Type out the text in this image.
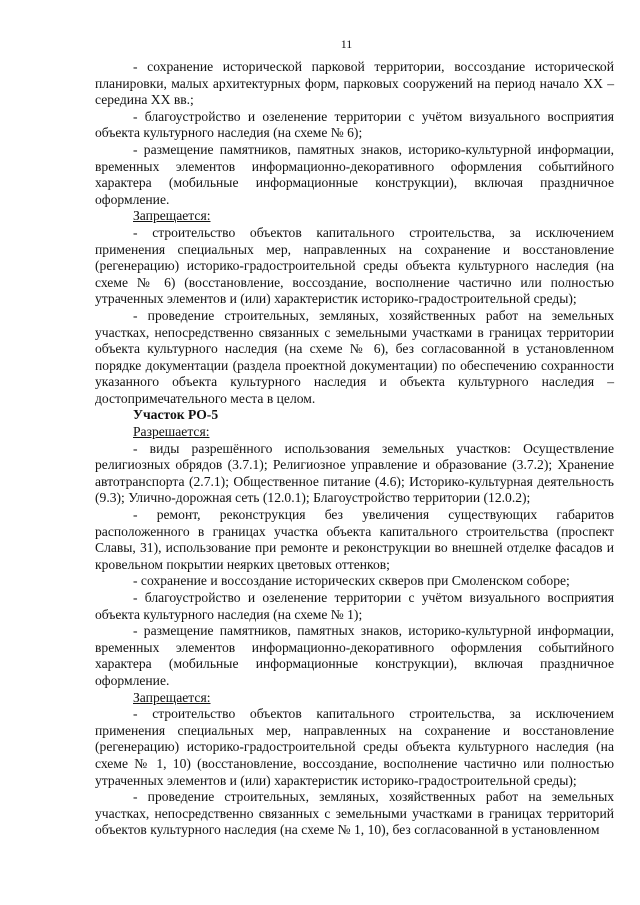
11

- сохранение исторической парковой территории, воссоздание исторической планировки, малых архитектурных форм, парковых сооружений на период начало XX – середина XX вв.;

- благоустройство и озеленение территории с учётом визуального восприятия объекта культурного наследия (на схеме № 6);

- размещение памятников, памятных знаков, историко-культурной информации, временных элементов информационно-декоративного оформления событийного характера (мобильные информационные конструкции), включая праздничное оформление.

Запрещается:

- строительство объектов капитального строительства, за исключением применения специальных мер, направленных на сохранение и восстановление (регенерацию) историко-градостроительной среды объекта культурного наследия (на схеме № 6) (восстановление, воссоздание, восполнение частично или полностью утраченных элементов и (или) характеристик историко-градостроительной среды);

- проведение строительных, земляных, хозяйственных работ на земельных участках, непосредственно связанных с земельными участками в границах территории объекта культурного наследия (на схеме № 6), без согласованной в установленном порядке документации (раздела проектной документации) по обеспечению сохранности указанного объекта культурного наследия и объекта культурного наследия – достопримечательного места в целом.

Участок РО-5

Разрешается:

- виды разрешённого использования земельных участков: Осуществление религиозных обрядов (3.7.1); Религиозное управление и образование (3.7.2); Хранение автотранспорта (2.7.1); Общественное питание (4.6); Историко-культурная деятельность (9.3); Улично-дорожная сеть (12.0.1); Благоустройство территории (12.0.2);

- ремонт, реконструкция без увеличения существующих габаритов расположенного в границах участка объекта капитального строительства (проспект Славы, 31), использование при ремонте и реконструкции во внешней отделке фасадов и кровельном покрытии неярких цветовых оттенков;

- сохранение и воссоздание исторических скверов при Смоленском соборе;

- благоустройство и озеленение территории с учётом визуального восприятия объекта культурного наследия (на схеме № 1);

- размещение памятников, памятных знаков, историко-культурной информации, временных элементов информационно-декоративного оформления событийного характера (мобильные информационные конструкции), включая праздничное оформление.

Запрещается:

- строительство объектов капитального строительства, за исключением применения специальных мер, направленных на сохранение и восстановление (регенерацию) историко-градостроительной среды объекта культурного наследия (на схеме № 1, 10) (восстановление, воссоздание, восполнение частично или полностью утраченных элементов и (или) характеристик историко-градостроительной среды);

- проведение строительных, земляных, хозяйственных работ на земельных участках, непосредственно связанных с земельными участками в границах территорий объектов культурного наследия (на схеме № 1, 10), без согласованной в установленном
